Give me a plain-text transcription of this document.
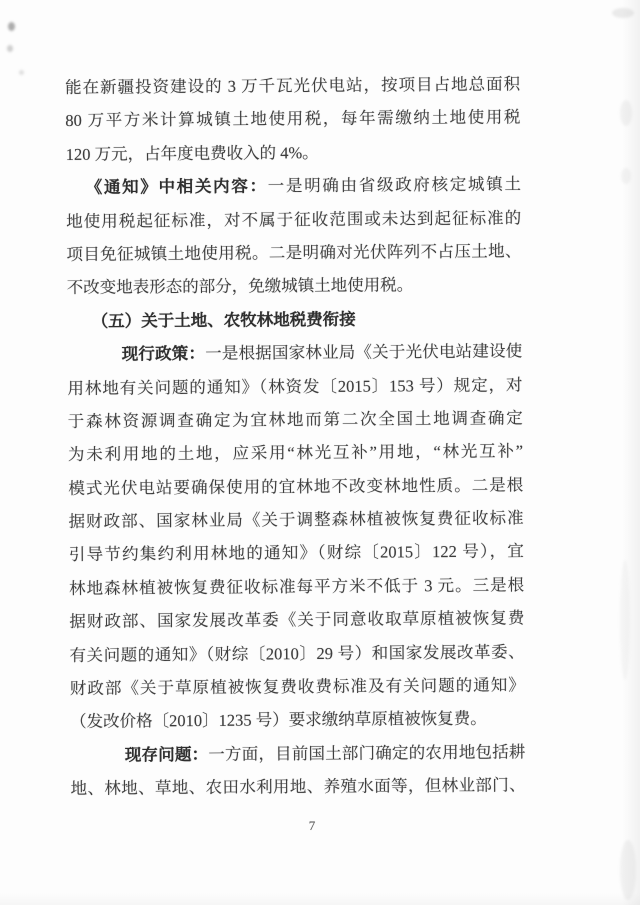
能在新疆投资建设的 3 万千瓦光伏电站，按项目占地总面积
80 万平方米计算城镇土地使用税，每年需缴纳土地使用税
120 万元，占年度电费收入的 4%。
《通知》中相关内容：一是明确由省级政府核定城镇土
地使用税起征标准，对不属于征收范围或未达到起征标准的
项目免征城镇土地使用税。二是明确对光伏阵列不占压土地、
不改变地表形态的部分，免缴城镇土地使用税。
（五）关于土地、农牧林地税费衔接
现行政策：一是根据国家林业局《关于光伏电站建设使
用林地有关问题的通知》（林资发〔2015〕153 号）规定，对
于森林资源调查确定为宜林地而第二次全国土地调查确定
为未利用地的土地，应采用“林光互补”用地，“林光互补”
模式光伏电站要确保使用的宜林地不改变林地性质。二是根
据财政部、国家林业局《关于调整森林植被恢复费征收标准
引导节约集约利用林地的通知》（财综〔2015〕122 号），宜
林地森林植被恢复费征收标准每平方米不低于 3 元。三是根
据财政部、国家发展改革委《关于同意收取草原植被恢复费
有关问题的通知》（财综〔2010〕29 号）和国家发展改革委、
财政部《关于草原植被恢复费收费标准及有关问题的通知》
（发改价格〔2010〕1235 号）要求缴纳草原植被恢复费。
现存问题：一方面，目前国土部门确定的农用地包括耕
地、林地、草地、农田水利用地、养殖水面等，但林业部门、
7
